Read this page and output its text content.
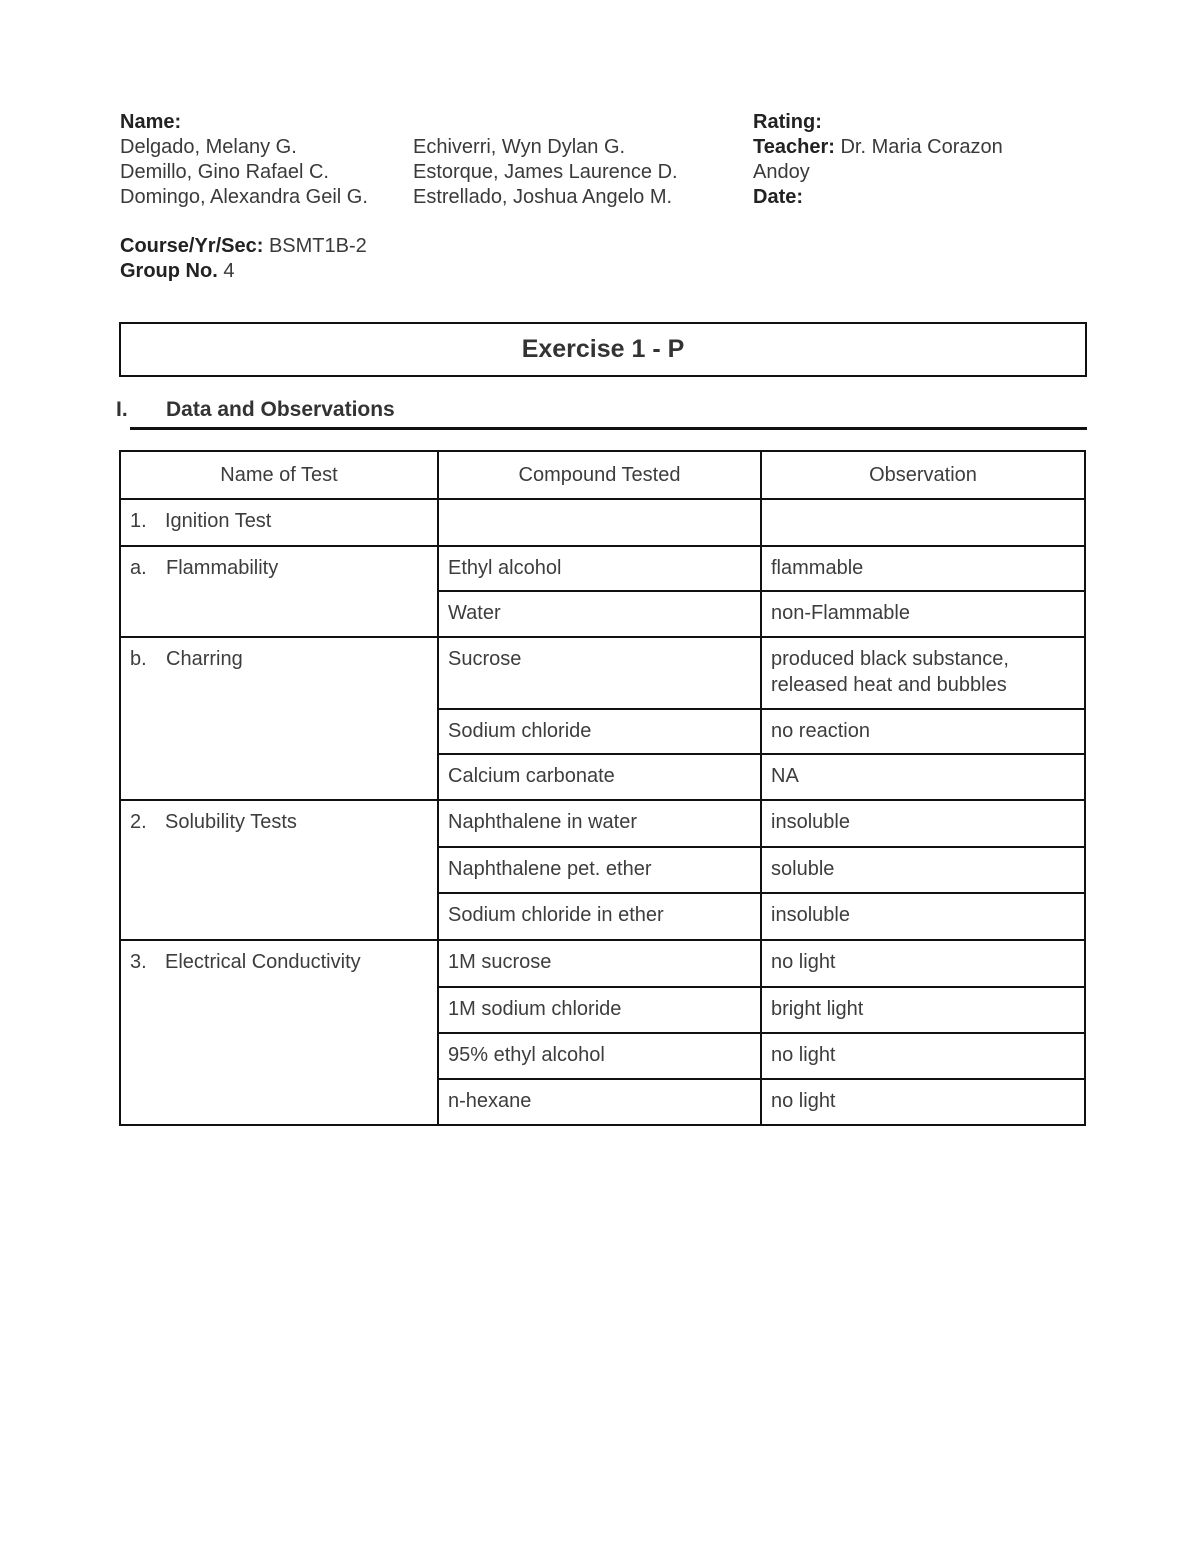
Name:
Delgado, Melany G.
Demillo, Gino Rafael C.
Domingo, Alexandra Geil G.

Echiverri, Wyn Dylan G.
Estorque, James Laurence D.
Estrellado, Joshua Angelo M.
Rating:
Teacher: Dr. Maria Corazon
Andoy
Date:
Course/Yr/Sec: BSMT1B-2
Group No. 4
Exercise 1 - P
I. Data and Observations
Name of Test	Compound Tested	Observation
1. Ignition Test		
a. Flammability	Ethyl alcohol	flammable
	Water	non-Flammable
b. Charring	Sucrose	produced black substance,
released heat and bubbles

	Sodium chloride	no reaction
	Calcium carbonate	NA
2. Solubility Tests	Naphthalene in water	insoluble
	Naphthalene pet. ether	soluble
	Sodium chloride in ether	insoluble
3. Electrical Conductivity	1M sucrose	no light
	1M sodium chloride	bright light
	95% ethyl alcohol	no light
	n-hexane	no light
